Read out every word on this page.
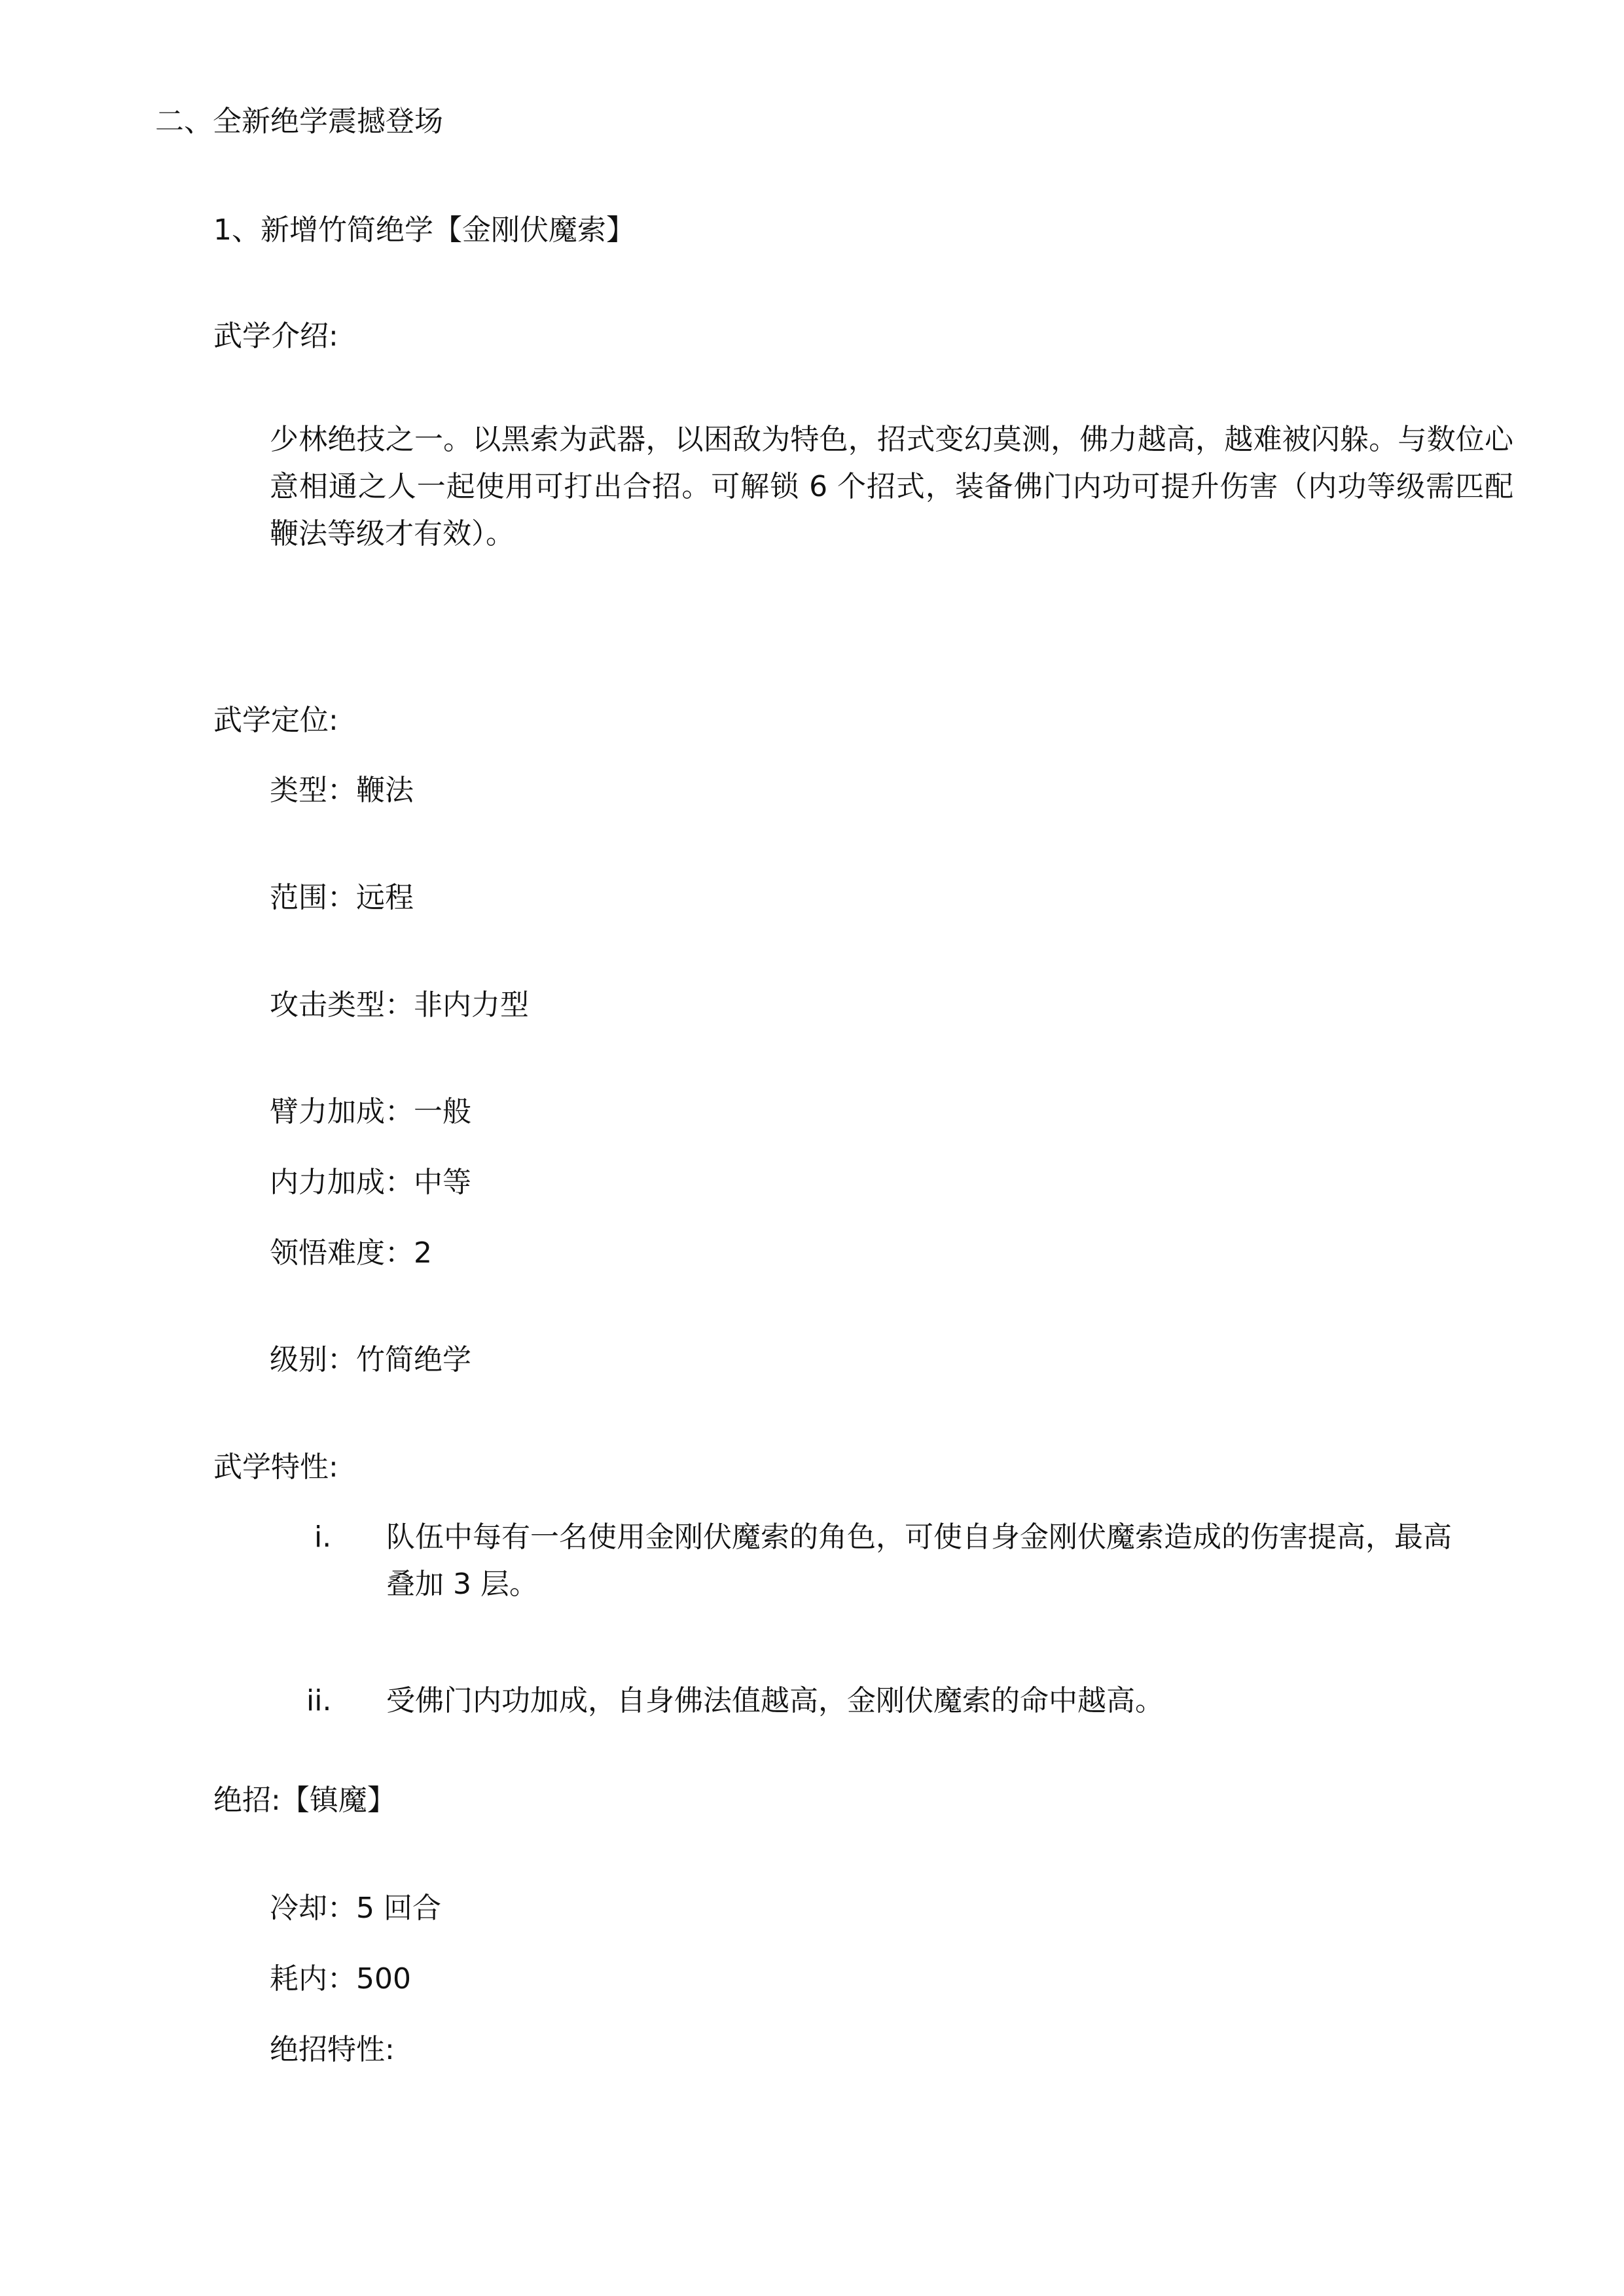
二、全新绝学震撼登场

1、新增竹简绝学【金刚伏魔索】

武学介绍:

少林绝技之一。以黑索为武器，以困敌为特色，招式变幻莫测，佛力越高，越难被闪躲。与数位心意相通之人一起使用可打出合招。可解锁 6 个招式，装备佛门内功可提升伤害（内功等级需匹配鞭法等级才有效）。

武学定位:

类型：鞭法

范围：远程

攻击类型：非内力型

臂力加成：一般

内力加成：中等

领悟难度：2

级别：竹简绝学

武学特性:

i. 队伍中每有一名使用金刚伏魔索的角色，可使自身金刚伏魔索造成的伤害提高，最高

叠加 3 层。

ii. 受佛门内功加成，自身佛法值越高，金刚伏魔索的命中越高。

绝招:【镇魔】

冷却：5 回合

耗内：500

绝招特性:
